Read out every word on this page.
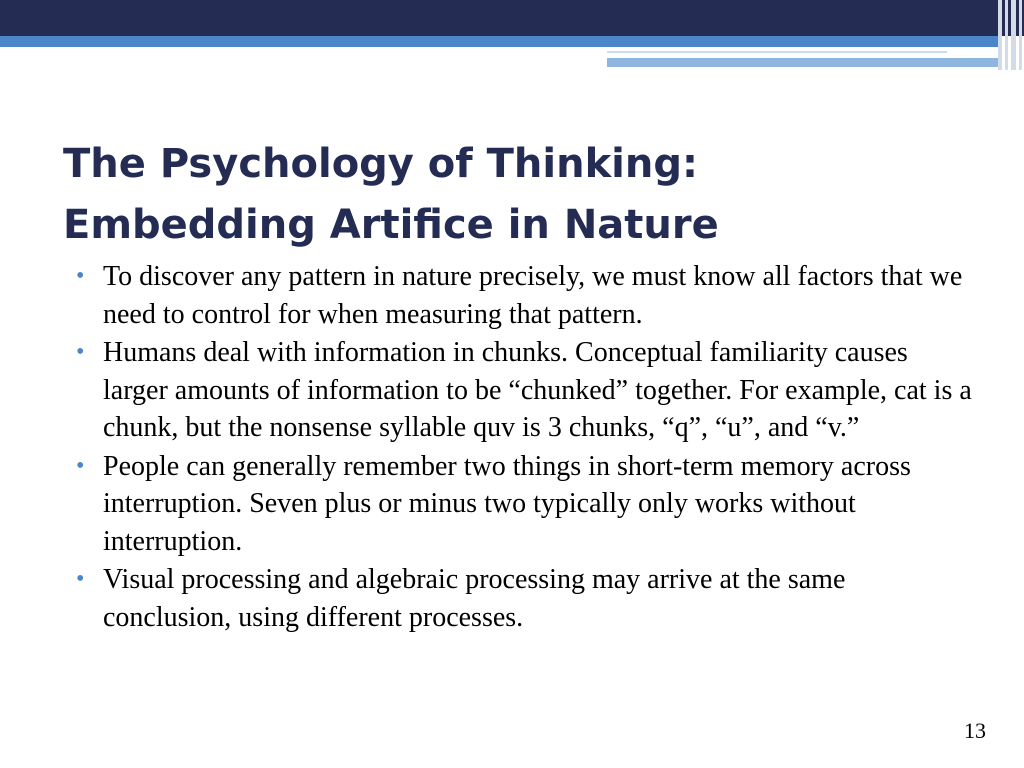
The Psychology of Thinking:
Embedding Artifice in Nature
• To discover any pattern in nature precisely, we must know all factors that we need to control for when measuring that pattern.
• Humans deal with information in chunks. Conceptual familiarity causes larger amounts of information to be “chunked” together. For example, cat is a chunk, but the nonsense syllable quv is 3 chunks, “q”, “u”, and “v.”
• People can generally remember two things in short-term memory across interruption. Seven plus or minus two typically only works without interruption.
• Visual processing and algebraic processing may arrive at the same conclusion, using different processes.
13
